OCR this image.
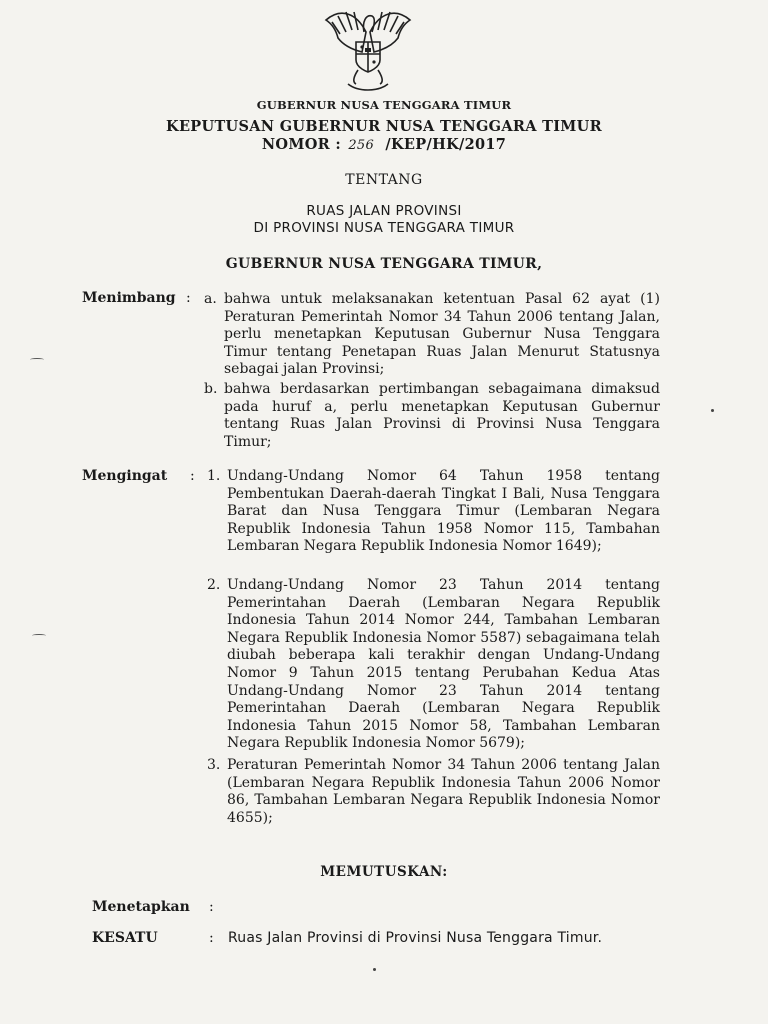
GUBERNUR NUSA TENGGARA TIMUR
KEPUTUSAN GUBERNUR NUSA TENGGARA TIMUR
NOMOR : 256 /KEP/HK/2017
TENTANG
RUAS JALAN PROVINSI
DI PROVINSI NUSA TENGGARA TIMUR
GUBERNUR NUSA TENGGARA TIMUR,
Menimbang : a. bahwa untuk melaksanakan ketentuan Pasal 62 ayat (1) Peraturan Pemerintah Nomor 34 Tahun 2006 tentang Jalan, perlu menetapkan Keputusan Gubernur Nusa Tenggara Timur tentang Penetapan Ruas Jalan Menurut Statusnya sebagai jalan Provinsi;
b. bahwa berdasarkan pertimbangan sebagaimana dimaksud pada huruf a, perlu menetapkan Keputusan Gubernur tentang Ruas Jalan Provinsi di Provinsi Nusa Tenggara Timur;
Mengingat : 1. Undang-Undang Nomor 64 Tahun 1958 tentang Pembentukan Daerah-daerah Tingkat I Bali, Nusa Tenggara Barat dan Nusa Tenggara Timur (Lembaran Negara Republik Indonesia Tahun 1958 Nomor 115, Tambahan Lembaran Negara Republik Indonesia Nomor 1649);
2. Undang-Undang Nomor 23 Tahun 2014 tentang Pemerintahan Daerah (Lembaran Negara Republik Indonesia Tahun 2014 Nomor 244, Tambahan Lembaran Negara Republik Indonesia Nomor 5587) sebagaimana telah diubah beberapa kali terakhir dengan Undang-Undang Nomor 9 Tahun 2015 tentang Perubahan Kedua Atas Undang-Undang Nomor 23 Tahun 2014 tentang Pemerintahan Daerah (Lembaran Negara Republik Indonesia Tahun 2015 Nomor 58, Tambahan Lembaran Negara Republik Indonesia Nomor 5679);
3. Peraturan Pemerintah Nomor 34 Tahun 2006 tentang Jalan (Lembaran Negara Republik Indonesia Tahun 2006 Nomor 86, Tambahan Lembaran Negara Republik Indonesia Nomor 4655);
MEMUTUSKAN:
Menetapkan :
KESATU	: Ruas Jalan Provinsi di Provinsi Nusa Tenggara Timur.
